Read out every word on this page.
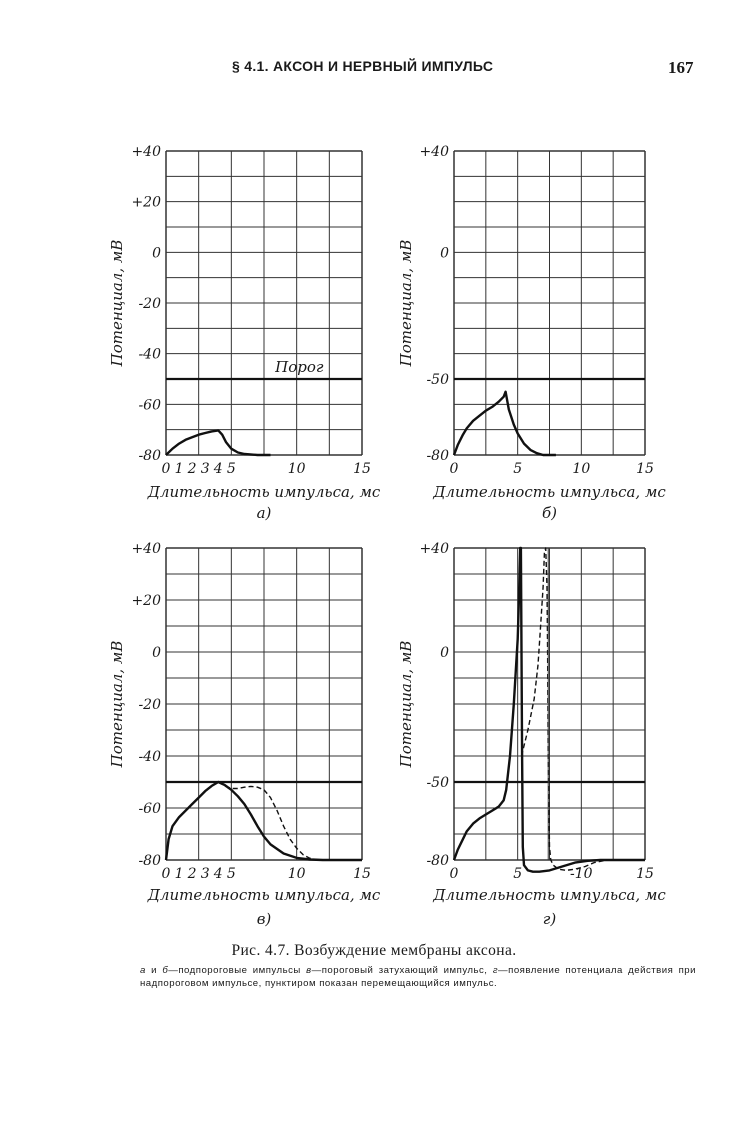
§ 4.1. АКСОН И НЕРВНЫЙ ИМПУЛЬС	167
Порог
+40
+20
0
-20
-40
-60
-80
0 1 2 3 4 5	10	15
Длительность импульса, мс
Потенциал, мВ
а)
+40
0
-50
-80
0	5	10	15
Длительность импульса, мс
Потенциал, мВ
б)
+40
+20
0
-20
-40
-60
-80
0 1 2 3 4 5	10	15
Длительность импульса, мс
Потенциал, мВ
в)
+40
0
-50
-80
0	5	-10	15
Длительность импульса, мс
Потенциал, мВ
г)
Рис. 4.7. Возбуждение мембраны аксона.
а и б—подпороговые импульсы в—пороговый затухающий импульс, г—появление потенциала действия при надпороговом импульсе, пунктиром показан перемещающийся импульс.
